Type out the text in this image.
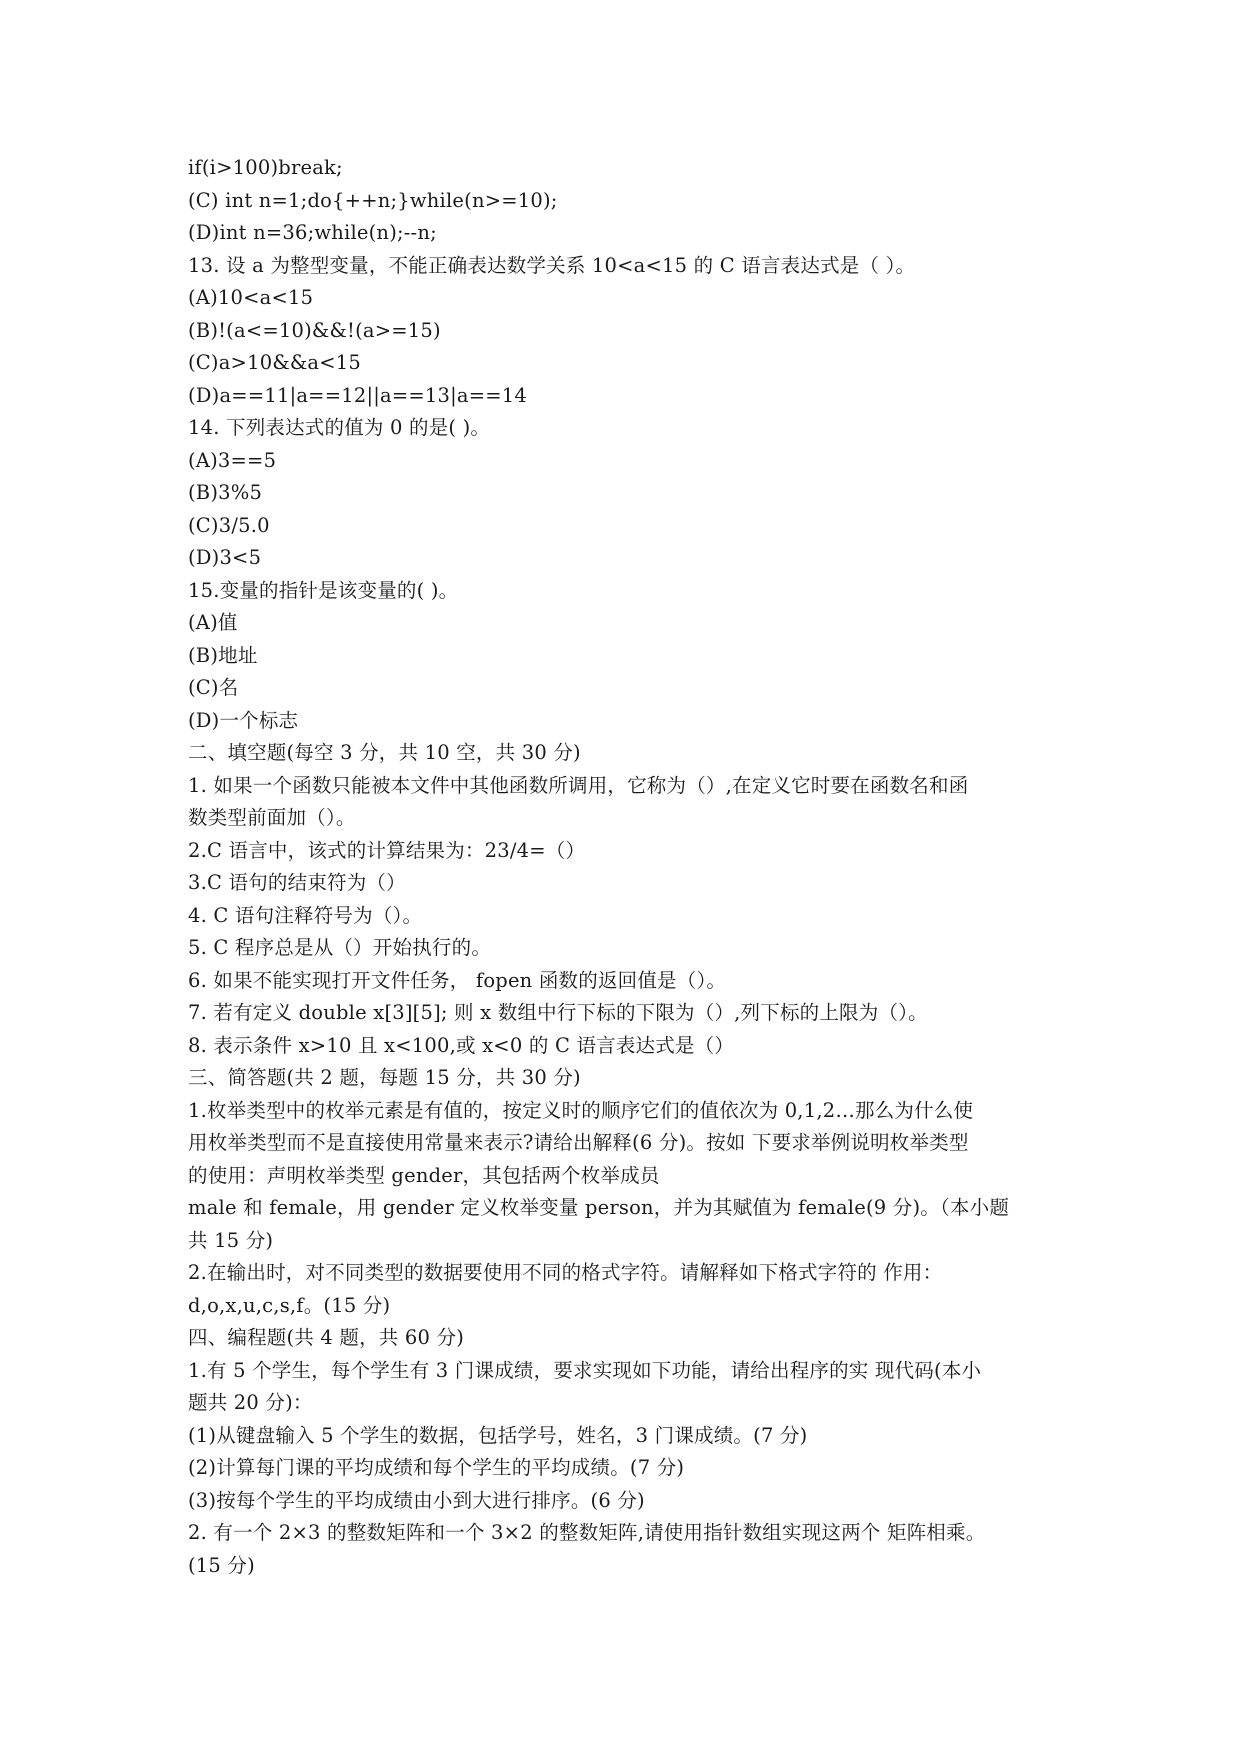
if(i>100)break;
(C) int n=1;do{++n;}while(n>=10);
(D)int n=36;while(n);--n;
13. 设 a 为整型变量，不能正确表达数学关系 10<a<15 的 C 语言表达式是（ ）。
(A)10<a<15
(B)!(a<=10)&&!(a>=15)
(C)a>10&&a<15
(D)a==11|a==12||a==13|a==14
14. 下列表达式的值为 0 的是( )。
(A)3==5
(B)3%5
(C)3/5.0
(D)3<5
15.变量的指针是该变量的( )。
(A)值
(B)地址
(C)名
(D)一个标志
二、填空题(每空 3 分，共 10 空，共 30 分)
1. 如果一个函数只能被本文件中其他函数所调用，它称为（）,在定义它时要在函数名和函
数类型前面加（）。
2.C 语言中，该式的计算结果为：23/4=（）
3.C 语句的结束符为（）
4. C 语句注释符号为（）。
5. C 程序总是从（）开始执行的。
6. 如果不能实现打开文件任务， fopen 函数的返回值是（）。
7. 若有定义 double x[3][5]; 则 x 数组中行下标的下限为（）,列下标的上限为（）。
8. 表示条件 x>10 且 x<100,或 x<0 的 C 语言表达式是（）
三、简答题(共 2 题，每题 15 分，共 30 分)
1.枚举类型中的枚举元素是有值的，按定义时的顺序它们的值依次为 0,1,2…那么为什么使
用枚举类型而不是直接使用常量来表示?请给出解释(6 分)。按如 下要求举例说明枚举类型
的使用：声明枚举类型 gender，其包括两个枚举成员
male 和 female，用 gender 定义枚举变量 person，并为其赋值为 female(9 分)。（本小题
共 15 分)
2.在输出时，对不同类型的数据要使用不同的格式字符。请解释如下格式字符的 作用：
d,o,x,u,c,s,f。(15 分)
四、编程题(共 4 题，共 60 分)
1.有 5 个学生，每个学生有 3 门课成绩，要求实现如下功能，请给出程序的实 现代码(本小
题共 20 分)：
(1)从键盘输入 5 个学生的数据，包括学号，姓名，3 门课成绩。(7 分)
(2)计算每门课的平均成绩和每个学生的平均成绩。(7 分)
(3)按每个学生的平均成绩由小到大进行排序。(6 分)
2. 有一个 2×3 的整数矩阵和一个 3×2 的整数矩阵,请使用指针数组实现这两个 矩阵相乘。
(15 分)
